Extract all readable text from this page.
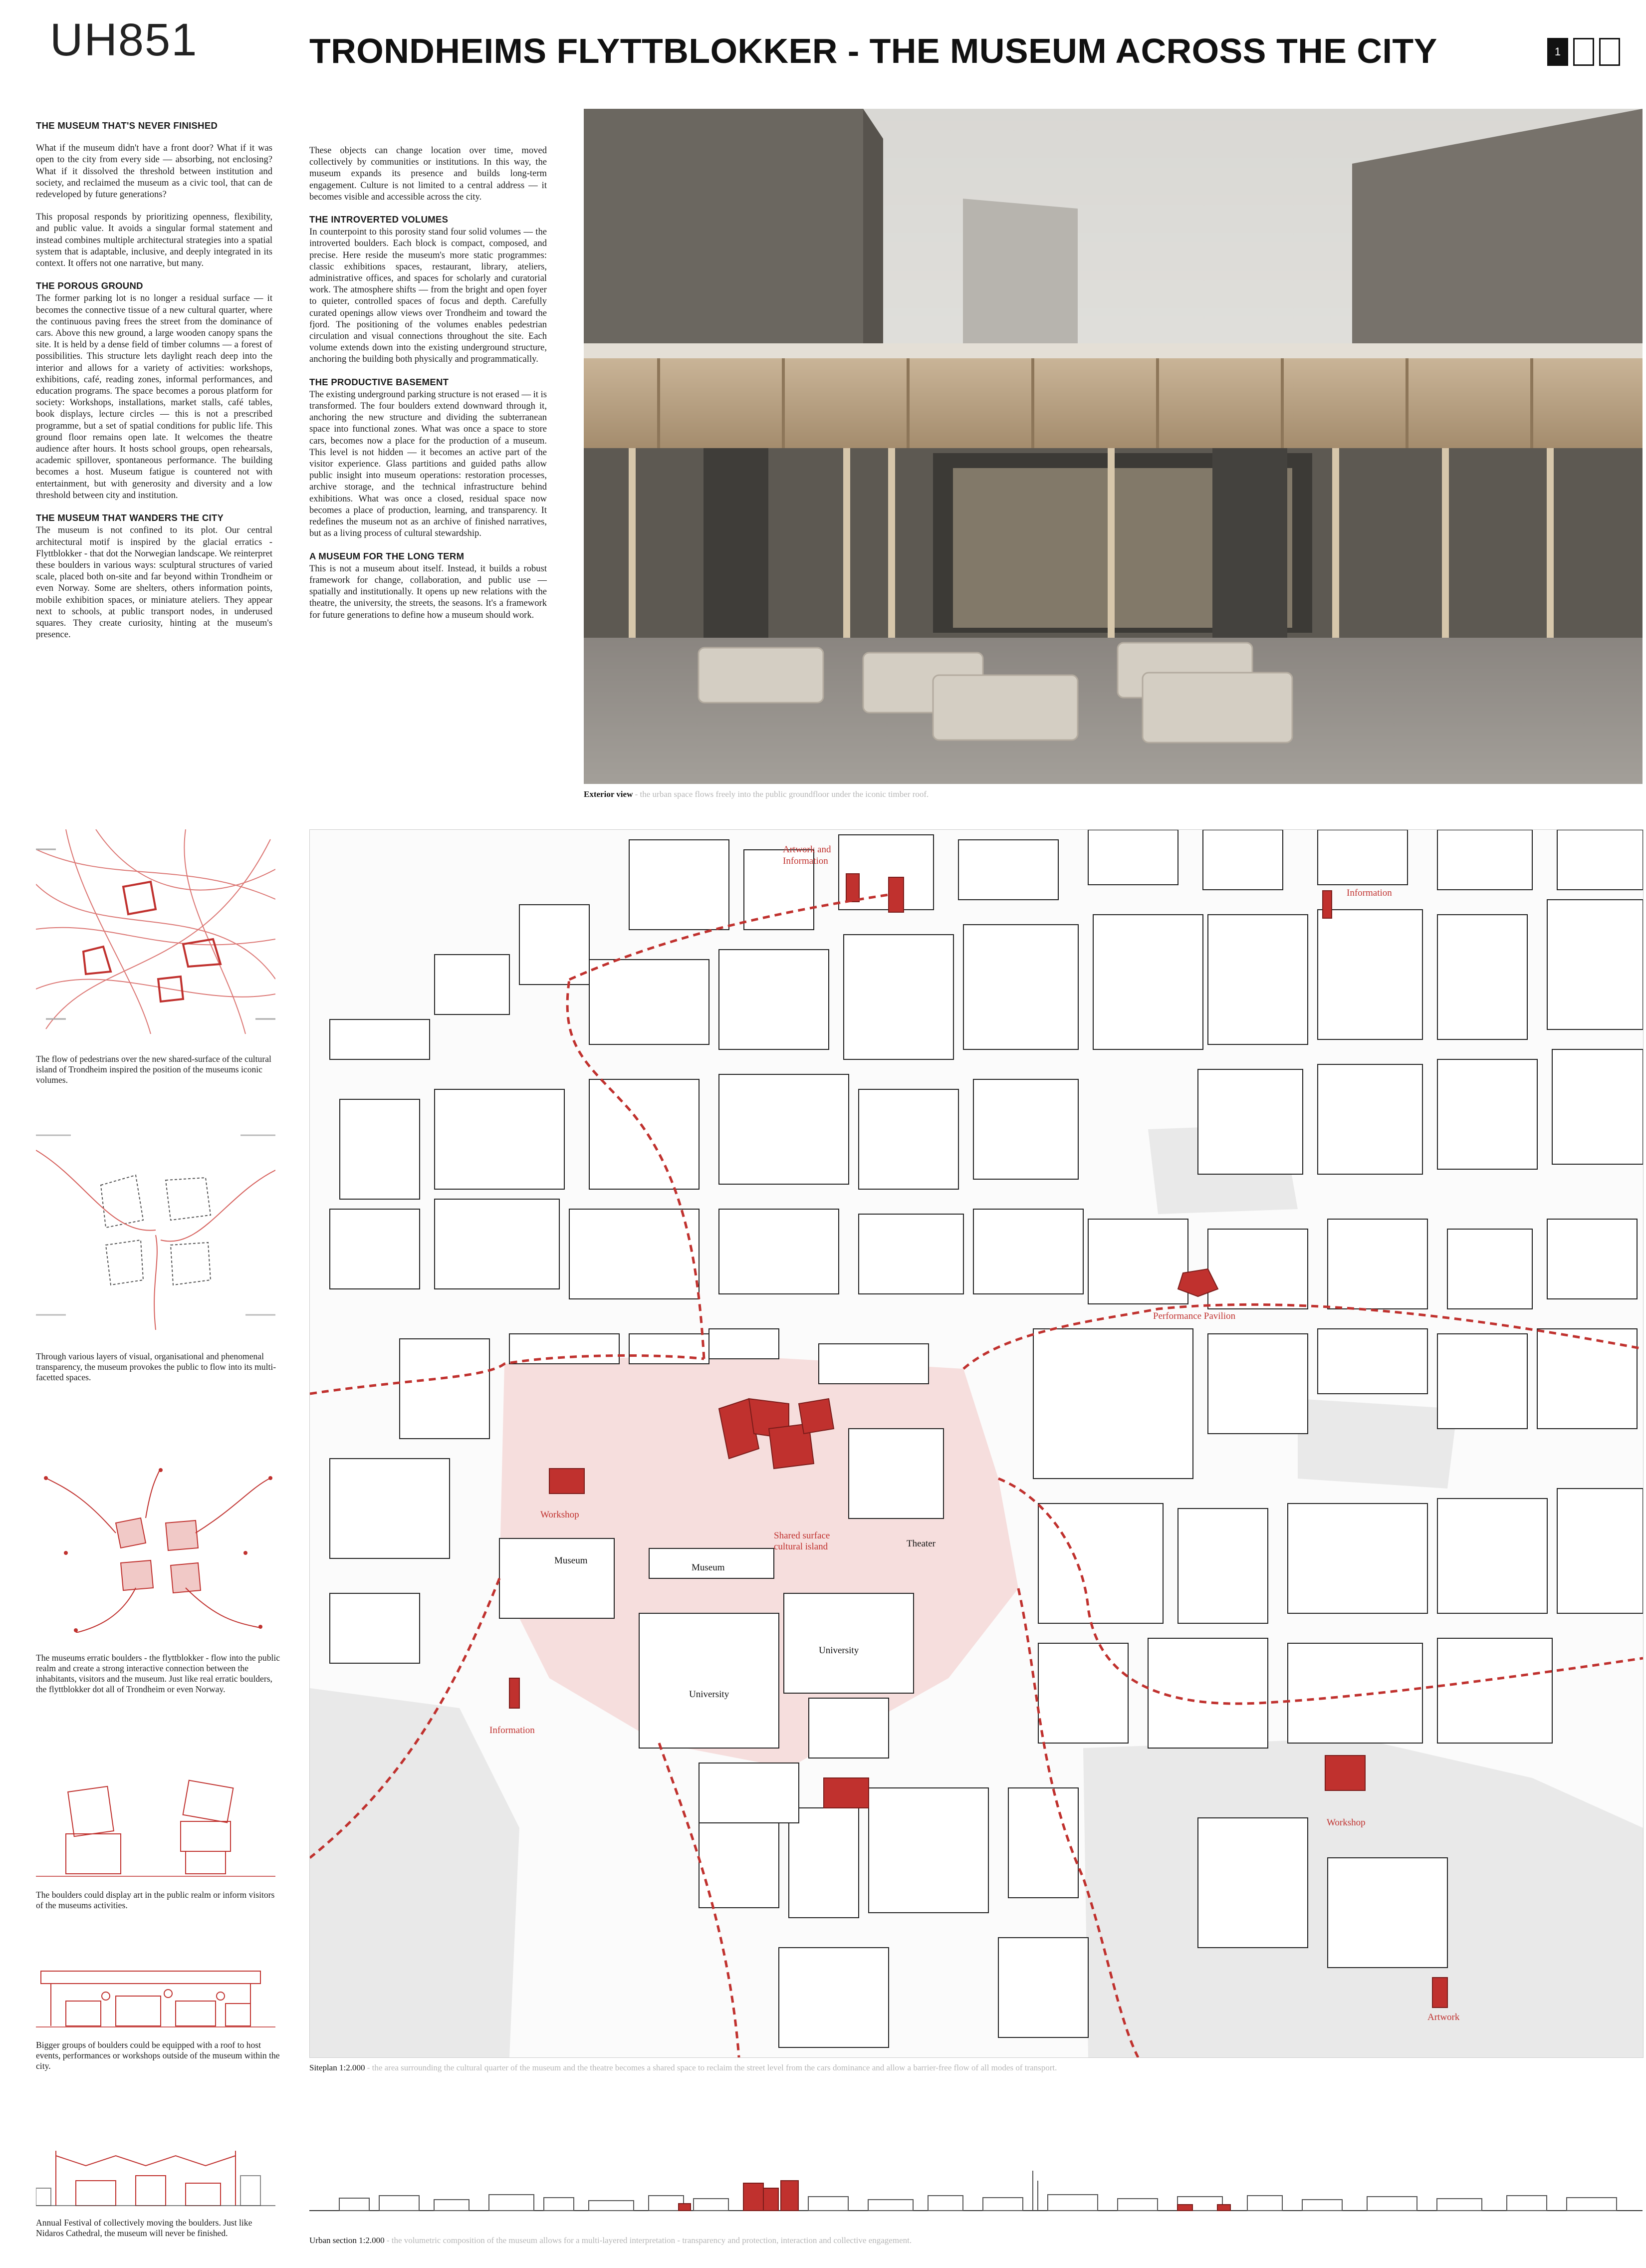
UH851	TRONDHEIMS FLYTTBLOKKER - THE MUSEUM ACROSS THE CITY	1
THE MUSEUM THAT'S NEVER FINISHED

What if the museum didn't have a front door? What if it was open to the city from every side — absorbing, not enclosing? What if it dissolved the threshold between institution and society, and reclaimed the museum as a civic tool, that can de redeveloped by future generations?

This proposal responds by prioritizing openness, flexibility, and public value. It avoids a singular formal statement and instead combines multiple architectural strategies into a spatial system that is adaptable, inclusive, and deeply integrated in its context. It offers not one narrative, but many.

THE POROUS GROUND

The former parking lot is no longer a residual surface — it becomes the connective tissue of a new cultural quarter, where the continuous paving frees the street from the dominance of cars. Above this new ground, a large wooden canopy spans the site. It is held by a dense field of timber columns — a forest of possibilities. This structure lets daylight reach deep into the interior and allows for a variety of activities: workshops, exhibitions, café, reading zones, informal performances, and education programs. The space becomes a porous platform for society: Workshops, installations, market stalls, café tables, book displays, lecture circles — this is not a prescribed programme, but a set of spatial conditions for public life. This ground floor remains open late. It welcomes the theatre audience after hours. It hosts school groups, open rehearsals, academic spillover, spontaneous performance. The building becomes a host. Museum fatigue is countered not with entertainment, but with generosity and diversity and a low threshold between city and institution.

THE MUSEUM THAT WANDERS THE CITY

The museum is not confined to its plot. Our central architectural motif is inspired by the glacial erratics - Flyttblokker - that dot the Norwegian landscape. We reinterpret these boulders in various ways: sculptural structures of varied scale, placed both on-site and far beyond within Trondheim or even Norway. Some are shelters, others information points, mobile exhibition spaces, or miniature ateliers. They appear next to schools, at public transport nodes, in underused squares. They create curiosity, hinting at the museum's presence.

These objects can change location over time, moved collectively by communities or institutions. In this way, the museum expands its presence and builds long-term engagement. Culture is not limited to a central address — it becomes visible and accessible across the city.

THE INTROVERTED VOLUMES

In counterpoint to this porosity stand four solid volumes — the introverted boulders. Each block is compact, composed, and precise. Here reside the museum's more static programmes: classic exhibitions spaces, restaurant, library, ateliers, administrative offices, and spaces for scholarly and curatorial work. The atmosphere shifts — from the bright and open foyer to quieter, controlled spaces of focus and depth. Carefully curated openings allow views over Trondheim and toward the fjord. The positioning of the volumes enables pedestrian circulation and visual connections throughout the site. Each volume extends down into the existing underground structure, anchoring the building both physically and programmatically.

THE PRODUCTIVE BASEMENT

The existing underground parking structure is not erased — it is transformed. The four boulders extend downward through it, anchoring the new structure and dividing the subterranean space into functional zones. What was once a space to store cars, becomes now a place for the production of a museum. This level is not hidden — it becomes an active part of the visitor experience. Glass partitions and guided paths allow public insight into museum operations: restoration processes, archive storage, and the technical infrastructure behind exhibitions. What was once a closed, residual space now becomes a place of production, learning, and transparency. It redefines the museum not as an archive of finished narratives, but as a living process of cultural stewardship.

A MUSEUM FOR THE LONG TERM

This is not a museum about itself. Instead, it builds a robust framework for change, collaboration, and public use — spatially and institutionally. It opens up new relations with the theatre, the university, the streets, the seasons. It's a framework for future generations to define how a museum should work.

Exterior view - the urban space flows freely into the public groundfloor under the iconic timber roof.
The flow of pedestrians over the new shared-surface of the cultural island of Trondheim inspired the position of the museums iconic volumes.
Through various layers of visual, organisational and phenomenal transparency, the museum provokes the public to flow into its multi-facetted spaces.
The museums erratic boulders - the flyttblokker - flow into the public realm and create a strong interactive connection between the inhabitants, visitors and the museum. Just like real erratic boulders, the flyttblokker dot all of Trondheim or even Norway.
The boulders could display art in the public realm or inform visitors of the museums activities.
Bigger groups of boulders could be equipped with a roof to host events, performances or workshops outside of the museum within the city.
Annual Festival of collectively moving the boulders. Just like Nidaros Cathedral, the museum will never be finished.
Artwork and
Information
Information
Performance Pavilion
Workshop
Shared surface
cultural island
Information
Workshop
Artwork
Museum
Museum
Theater
University
University
Siteplan 1:2.000 - the area surrounding the cultural quarter of the museum and the theatre becomes a shared space to reclaim the street level from the cars dominance and allow a barrier-free flow of all modes of transport.
Urban section 1:2.000 - the volumetric composition of the museum allows for a multi-layered interpretation - transparency and protection, interaction and collective engagement.
